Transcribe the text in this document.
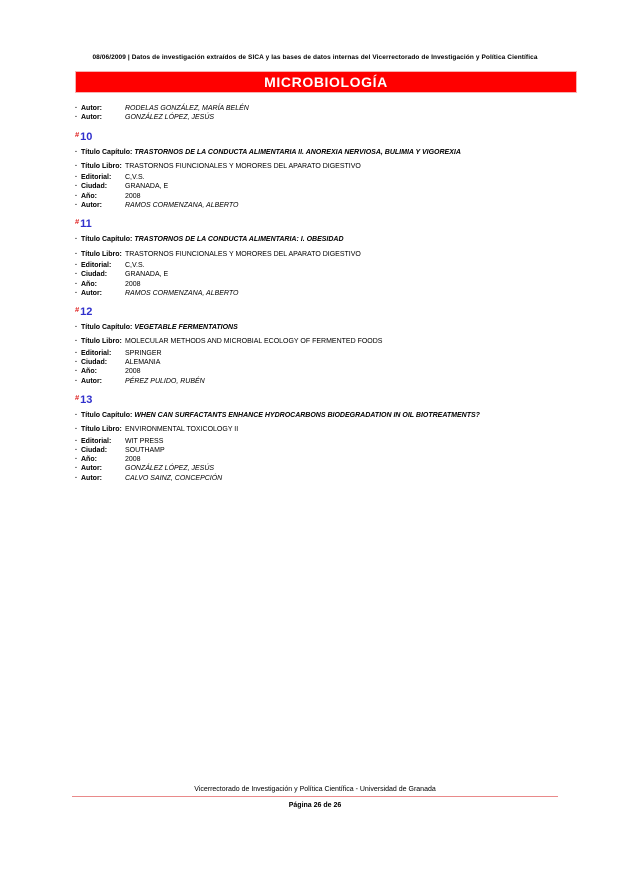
08/06/2009 | Datos de investigación extraídos de SICA y las bases de datos internas del Vicerrectorado de Investigación y Política Científica
MICROBIOLOGÍA
· Autor:	RODELAS GONZÁLEZ, MARÍA BELÉN
· Autor:	GONZÁLEZ LÓPEZ, JESÚS
#10
· Título Capítulo: TRASTORNOS DE LA CONDUCTA ALIMENTARIA II. ANOREXIA NERVIOSA, BULIMIA Y VIGOREXIA
· Título Libro: TRASTORNOS FIUNCIONALES Y MORORES DEL APARATO DIGESTIVO
· Editorial:	C,V.S.
· Ciudad:	GRANADA, E
· Año:	2008
· Autor:	RAMOS CORMENZANA, ALBERTO
#11
· Título Capítulo: TRASTORNOS DE LA CONDUCTA ALIMENTARIA: I. OBESIDAD
· Título Libro: TRASTORNOS FIUNCIONALES Y MORORES DEL APARATO DIGESTIVO
· Editorial:	C,V.S.
· Ciudad:	GRANADA, E
· Año:	2008
· Autor:	RAMOS CORMENZANA, ALBERTO
#12
· Título Capítulo: VEGETABLE FERMENTATIONS
· Título Libro: MOLECULAR METHODS AND MICROBIAL ECOLOGY OF FERMENTED FOODS
· Editorial:	SPRINGER
· Ciudad:	ALEMANIA
· Año:	2008
· Autor:	PÉREZ PULIDO, RUBÉN
#13
· Título Capítulo: WHEN CAN SURFACTANTS ENHANCE HYDROCARBONS BIODEGRADATION IN OIL BIOTREATMENTS?
· Título Libro: ENVIRONMENTAL TOXICOLOGY II
· Editorial:	WIT PRESS
· Ciudad:	SOUTHAMP
· Año:	2008
· Autor:	GONZÁLEZ LÓPEZ, JESÚS
· Autor:	CALVO SAINZ, CONCEPCIÓN
Vicerrectorado de Investigación y Política Científica - Universidad de Granada
Página 26 de 26
